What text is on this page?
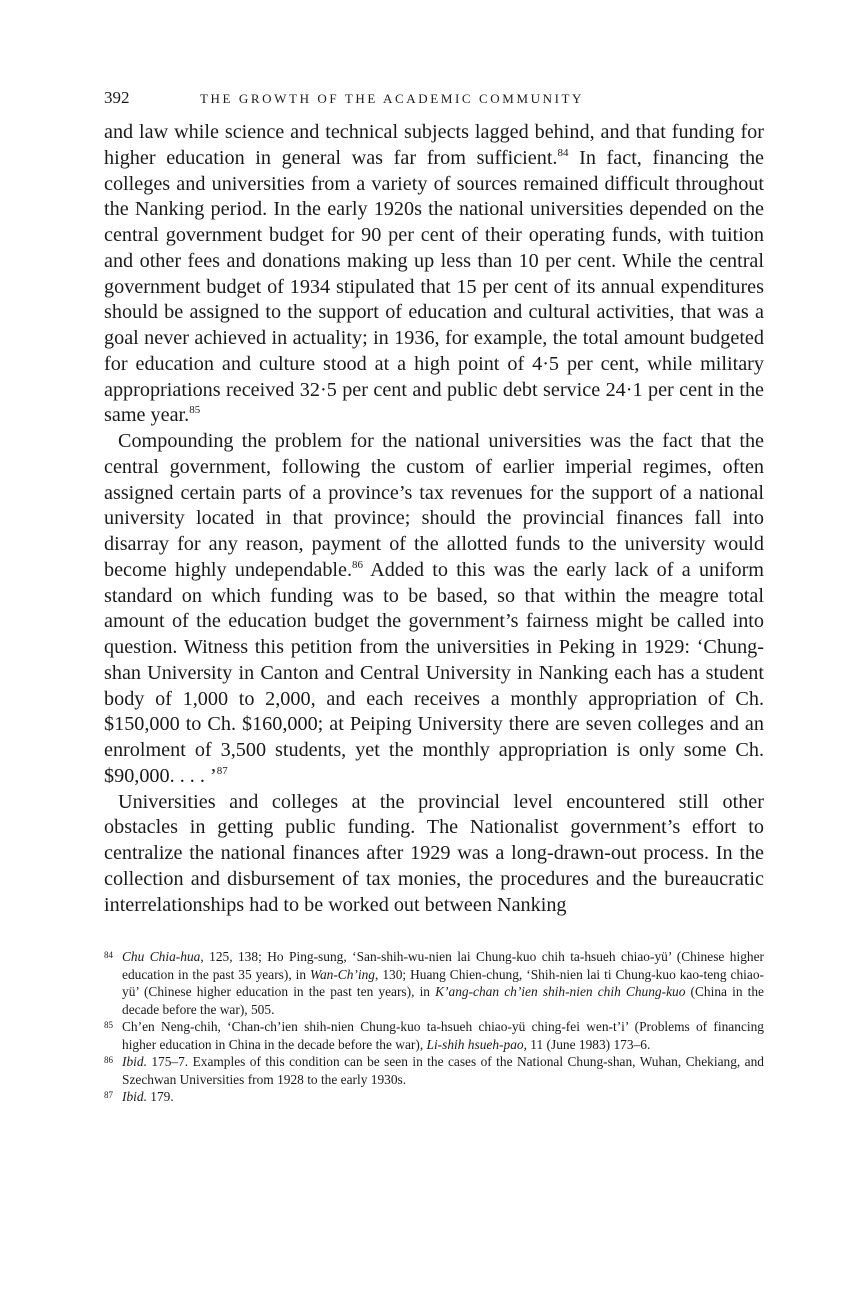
392	THE GROWTH OF THE ACADEMIC COMMUNITY

and law while science and technical subjects lagged behind, and that funding for higher education in general was far from sufficient.$^{84}$ In fact, financing the colleges and universities from a variety of sources remained difficult throughout the Nanking period. In the early 1920s the national universities depended on the central government budget for 90 per cent of their operating funds, with tuition and other fees and donations making up less than 10 per cent. While the central government budget of 1934 stipulated that 15 per cent of its annual expenditures should be assigned to the support of education and cultural activities, that was a goal never achieved in actuality; in 1936, for example, the total amount budgeted for education and culture stood at a high point of 4·5 per cent, while military appropriations received 32·5 per cent and public debt service 24·1 per cent in the same year.$^{85}$

Compounding the problem for the national universities was the fact that the central government, following the custom of earlier imperial regimes, often assigned certain parts of a province’s tax revenues for the support of a national university located in that province; should the provincial finances fall into disarray for any reason, payment of the allotted funds to the university would become highly undependable.$^{86}$ Added to this was the early lack of a uniform standard on which funding was to be based, so that within the meagre total amount of the education budget the government’s fairness might be called into question. Witness this petition from the universities in Peking in 1929: ‘Chung-shan University in Canton and Central University in Nanking each has a student body of 1,000 to 2,000, and each receives a monthly appropriation of Ch. $150,000 to Ch. $160,000; at Peiping University there are seven colleges and an enrolment of 3,500 students, yet the monthly appropriation is only some Ch. $90,000. . . . ’$^{87}$

Universities and colleges at the provincial level encountered still other obstacles in getting public funding. The Nationalist government’s effort to centralize the national finances after 1929 was a long-drawn-out process. In the collection and disbursement of tax monies, the procedures and the bureaucratic interrelationships had to be worked out between Nanking

84 Chu Chia-hua, 125, 138; Ho Ping-sung, ‘San-shih-wu-nien lai Chung-kuo chih ta-hsueh chiao-yü’ (Chinese higher education in the past 35 years), in Wan-Ch’ing, 130; Huang Chien-chung, ‘Shih-nien lai ti Chung-kuo kao-teng chiao-yü’ (Chinese higher education in the past ten years), in K’ang-chan ch’ien shih-nien chih Chung-kuo (China in the decade before the war), 505.
85 Ch’en Neng-chih, ‘Chan-ch’ien shih-nien Chung-kuo ta-hsueh chiao-yü ching-fei wen-t’i’ (Problems of financing higher education in China in the decade before the war), Li-shih hsueh-pao, 11 (June 1983) 173–6.
86 Ibid. 175–7. Examples of this condition can be seen in the cases of the National Chung-shan, Wuhan, Chekiang, and Szechwan Universities from 1928 to the early 1930s.
87 Ibid. 179.
